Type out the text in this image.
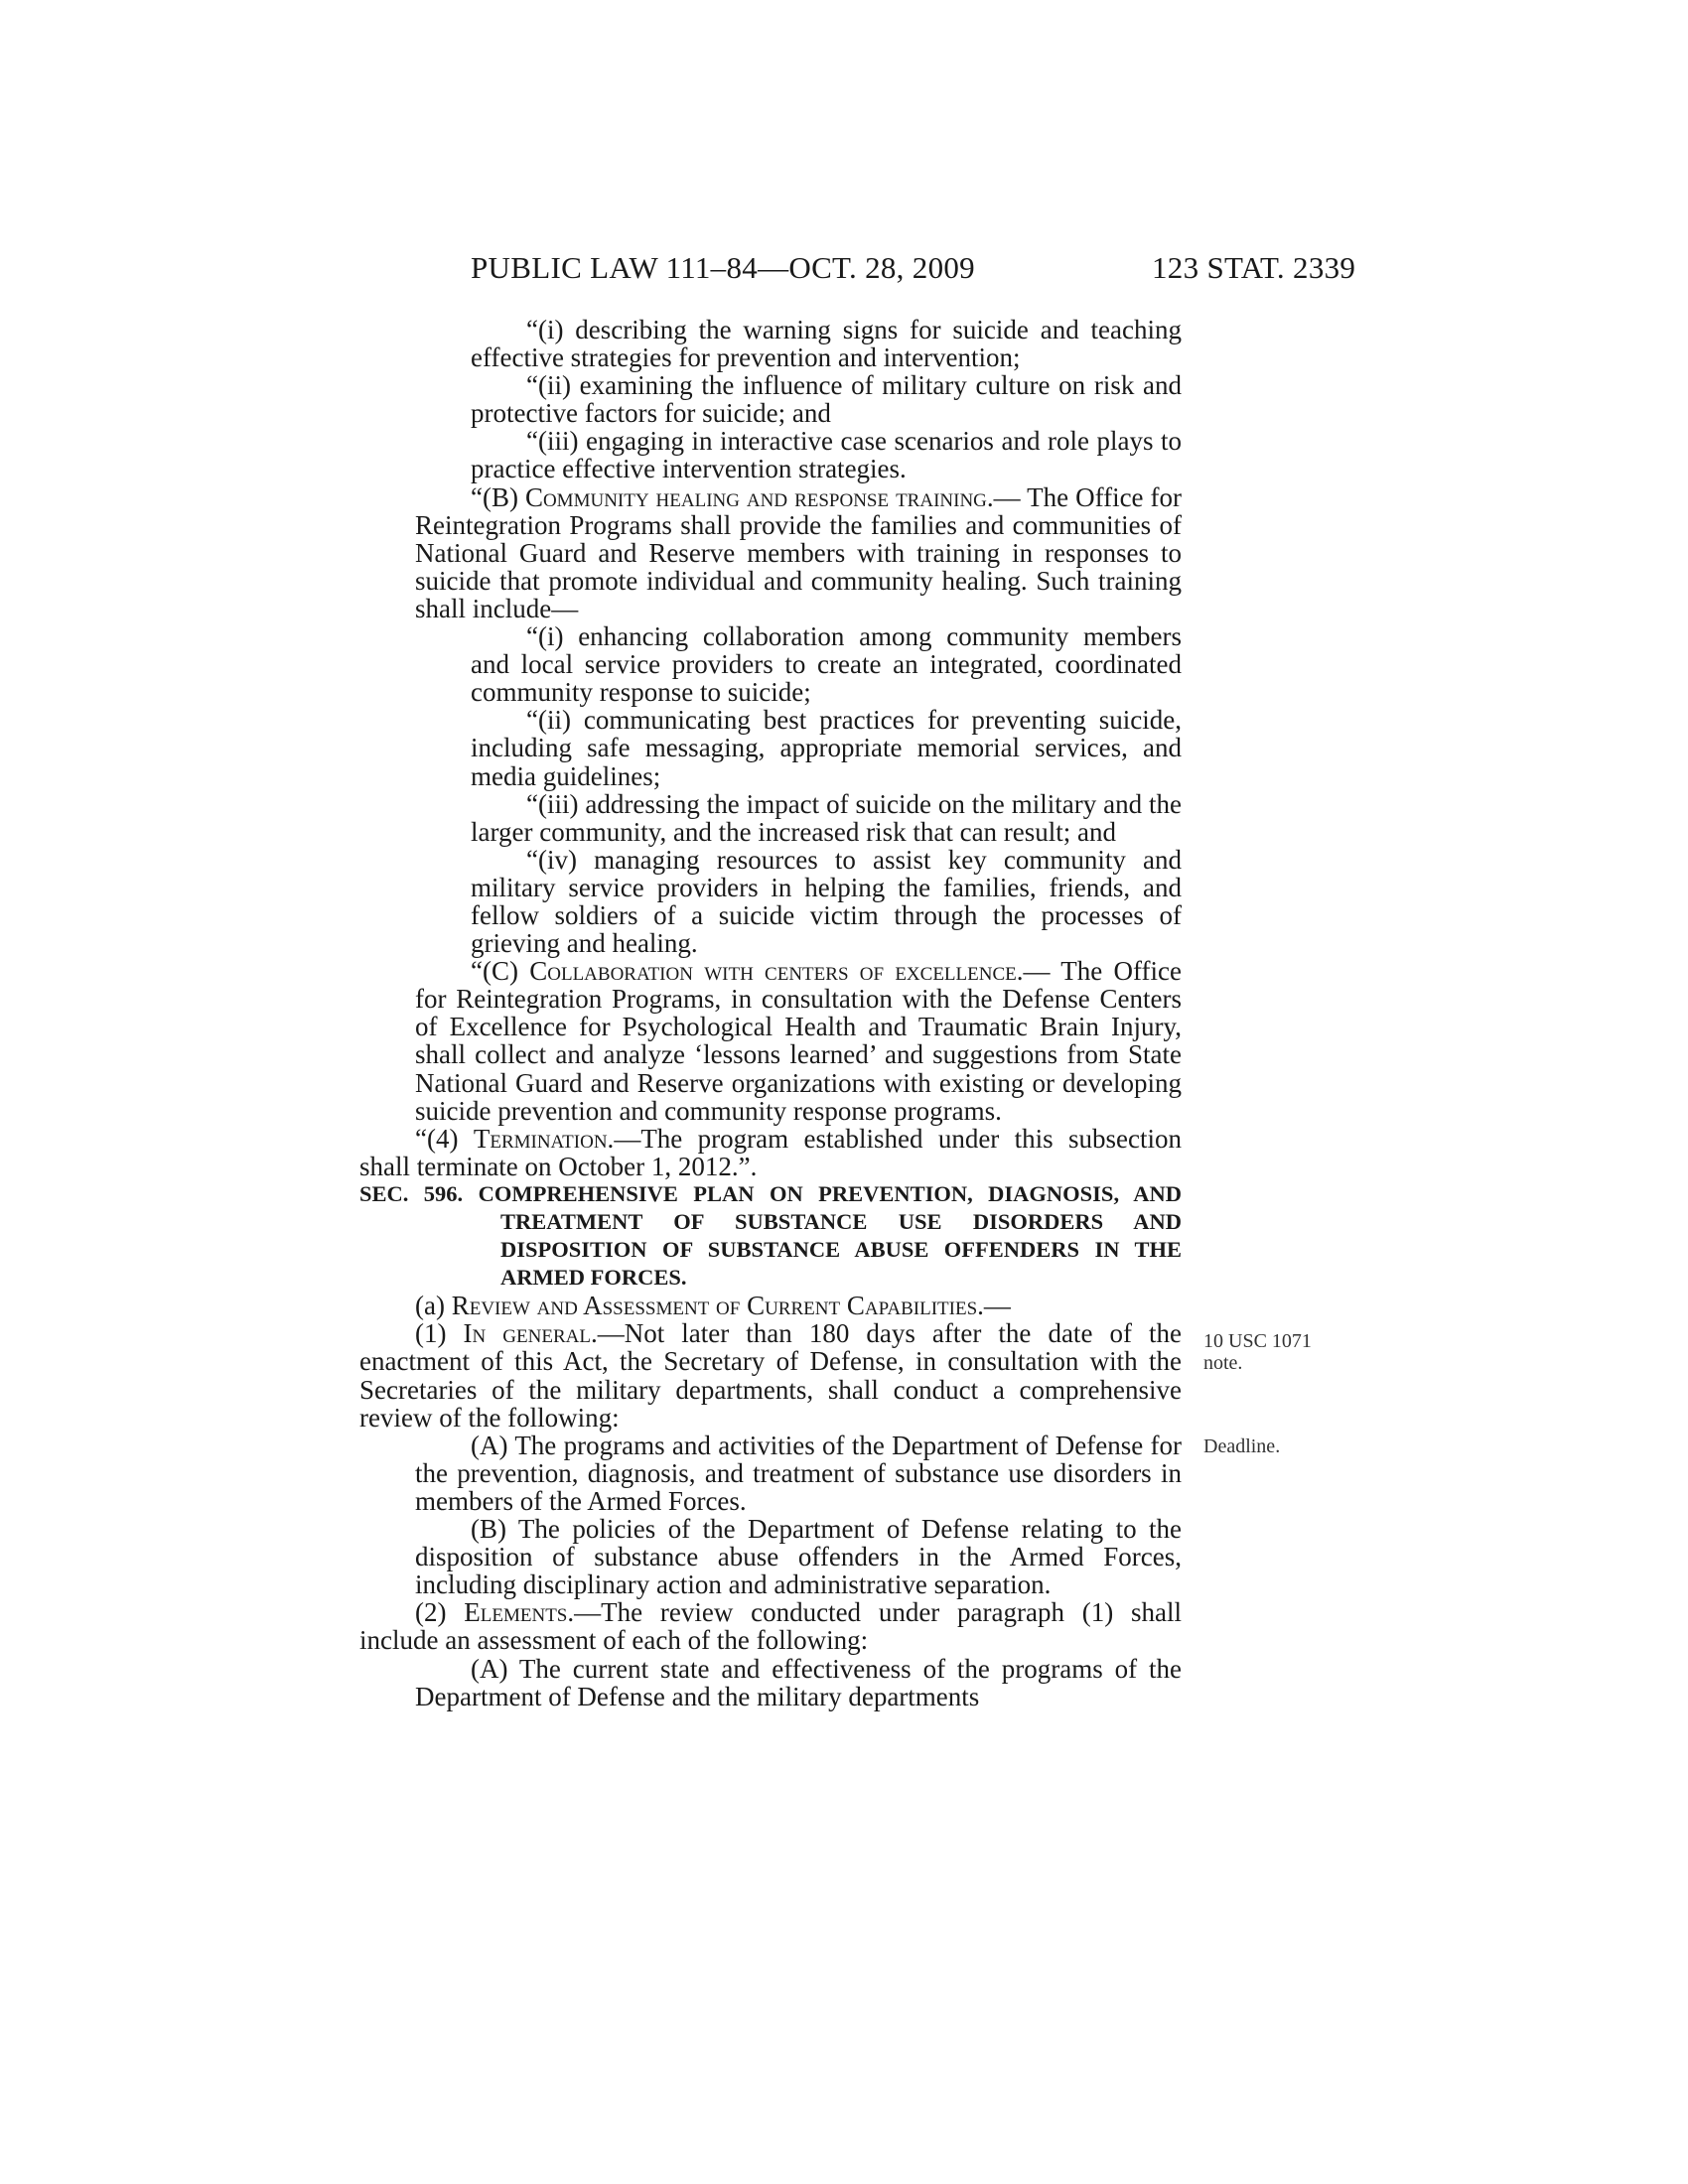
PUBLIC LAW 111–84—OCT. 28, 2009	123 STAT. 2339
10 USC 1071
note.
Deadline.

“(i) describing the warning signs for suicide and teaching effective strategies for prevention and intervention;

“(ii) examining the influence of military culture on risk and protective factors for suicide; and

“(iii) engaging in interactive case scenarios and role plays to practice effective intervention strategies.

“(B) Community healing and response training.— The Office for Reintegration Programs shall provide the families and communities of National Guard and Reserve members with training in responses to suicide that promote individual and community healing. Such training shall include—

“(i) enhancing collaboration among community members and local service providers to create an integrated, coordinated community response to suicide;

“(ii) communicating best practices for preventing suicide, including safe messaging, appropriate memorial services, and media guidelines;

“(iii) addressing the impact of suicide on the military and the larger community, and the increased risk that can result; and

“(iv) managing resources to assist key community and military service providers in helping the families, friends, and fellow soldiers of a suicide victim through the processes of grieving and healing.

“(C) Collaboration with centers of excellence.— The Office for Reintegration Programs, in consultation with the Defense Centers of Excellence for Psychological Health and Traumatic Brain Injury, shall collect and analyze ‘lessons learned’ and suggestions from State National Guard and Reserve organizations with existing or developing suicide prevention and community response programs.

“(4) Termination.—The program established under this subsection shall terminate on October 1, 2012.”.

SEC. 596. COMPREHENSIVE PLAN ON PREVENTION, DIAGNOSIS, AND TREATMENT OF SUBSTANCE USE DISORDERS AND DISPOSITION OF SUBSTANCE ABUSE OFFENDERS IN THE ARMED FORCES.

(a) Review and Assessment of Current Capabilities.—

(1) In general.—Not later than 180 days after the date of the enactment of this Act, the Secretary of Defense, in consultation with the Secretaries of the military departments, shall conduct a comprehensive review of the following:

(A) The programs and activities of the Department of Defense for the prevention, diagnosis, and treatment of substance use disorders in members of the Armed Forces.

(B) The policies of the Department of Defense relating to the disposition of substance abuse offenders in the Armed Forces, including disciplinary action and administrative separation.

(2) Elements.—The review conducted under paragraph (1) shall include an assessment of each of the following:

(A) The current state and effectiveness of the programs of the Department of Defense and the military departments
